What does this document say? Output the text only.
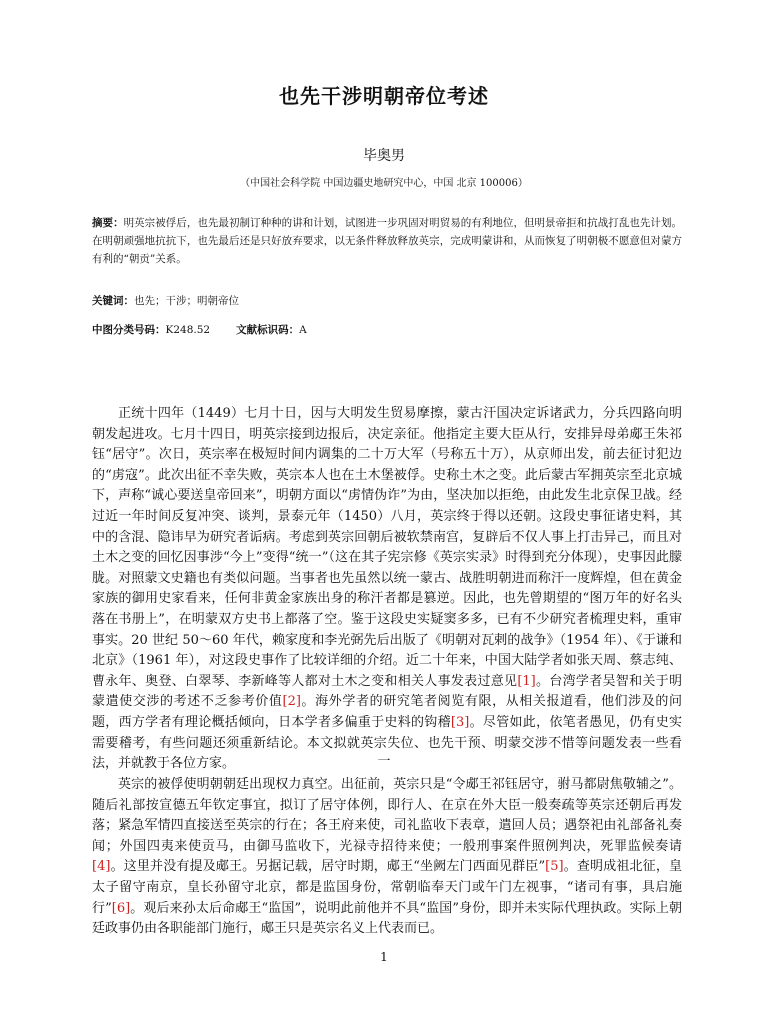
也先干涉明朝帝位考述
毕奥男
（中国社会科学院 中国边疆史地研究中心，中国 北京 100006）
摘要：明英宗被俘后，也先最初制订种种的讲和计划，试图进一步巩固对明贸易的有利地位，但明景帝拒和抗战打乱也先计划。在明朝顽强地抗抗下，也先最后还是只好放弃要求，以无条件释放释放英宗，完成明蒙讲和，从而恢复了明朝极不愿意但对蒙方有利的“朝贡”关系。
关键词：也先；干涉；明朝帝位
中图分类号码：K248.52 文献标识码：A
正统十四年（1449）七月十日，因与大明发生贸易摩擦，蒙古汗国决定诉诸武力，分兵四路向明朝发起进攻。七月十四日，明英宗接到边报后，决定亲征。他指定主要大臣从行，安排异母弟郕王朱祁钰“居守”。次日，英宗率在极短时间内调集的二十万大军（号称五十万），从京师出发，前去征讨犯边的“虏寇”。此次出征不幸失败，英宗本人也在土木堡被俘。史称土木之变。此后蒙古军拥英宗至北京城下，声称“诚心要送皇帝回来”，明朝方面以“虏情伪诈”为由，坚决加以拒绝，由此发生北京保卫战。经过近一年时间反复冲突、谈判，景泰元年（1450）八月，英宗终于得以还朝。这段史事征诸史料，其中的含混、隐讳早为研究者诟病。考虑到英宗回朝后被软禁南宫，复辟后不仅人事上打击异己，而且对土木之变的回忆因事涉“今上”变得“统一”（这在其子宪宗修《英宗实录》时得到充分体现），史事因此朦胧。对照蒙文史籍也有类似问题。当事者也先虽然以统一蒙古、战胜明朝进而称汗一度辉煌，但在黄金家族的御用史家看来，任何非黄金家族出身的称汗者都是篡逆。因此，也先曾期望的“图万年的好名头落在书册上”，在明蒙双方史书上都落了空。鉴于这段史实疑窦多多，已有不少研究者梳理史料，重审事实。20 世纪 50～60 年代，赖家度和李光弼先后出版了《明朝对瓦剌的战争》（1954 年）、《于谦和北京》（1961 年），对这段史事作了比较详细的介绍。近二十年来，中国大陆学者如张天周、蔡志纯、曹永年、奥登、白翠琴、李新峰等人都对土木之变和相关人事发表过意见[1]。台湾学者吴智和关于明蒙遣使交涉的考述不乏参考价值[2]。海外学者的研究笔者阅览有限，从相关报道看，他们涉及的问题，西方学者有理论概括倾向，日本学者多偏重于史料的钩稽[3]。尽管如此，依笔者愚见，仍有史实需要稽考，有些问题还须重新结论。本文拟就英宗失位、也先干预、明蒙交涉不惜等问题发表一些看法，并就教于各位方家。	一
英宗的被俘使明朝朝廷出现权力真空。出征前，英宗只是“令郕王祁钰居守，驸马都尉焦敬辅之”。随后礼部按宣德五年钦定事宜，拟订了居守体例，即行人、在京在外大臣一般奏疏等英宗还朝后再发落；紧急军情四直接送至英宗的行在；各王府来使，司礼监收下表章，遣回人员；遇祭祀由礼部备礼奏闻；外国四夷来使贡马，由御马监收下，光禄寺招待来使；一般刑事案件照例判决，死罪监候奏请[4]。这里并没有提及郕王。另据记载，居守时期，郕王“坐阙左门西面见群臣”[5]。查明成祖北征，皇太子留守南京，皇长孙留守北京，都是监国身份，常朝临奉天门或午门左视事，“诸司有事，具启施行”[6]。观后来孙太后命郕王“监国”，说明此前他并不具“监国”身份，即并未实际代理执政。实际上朝廷政事仍由各职能部门施行，郕王只是英宗名义上代表而已。
1
